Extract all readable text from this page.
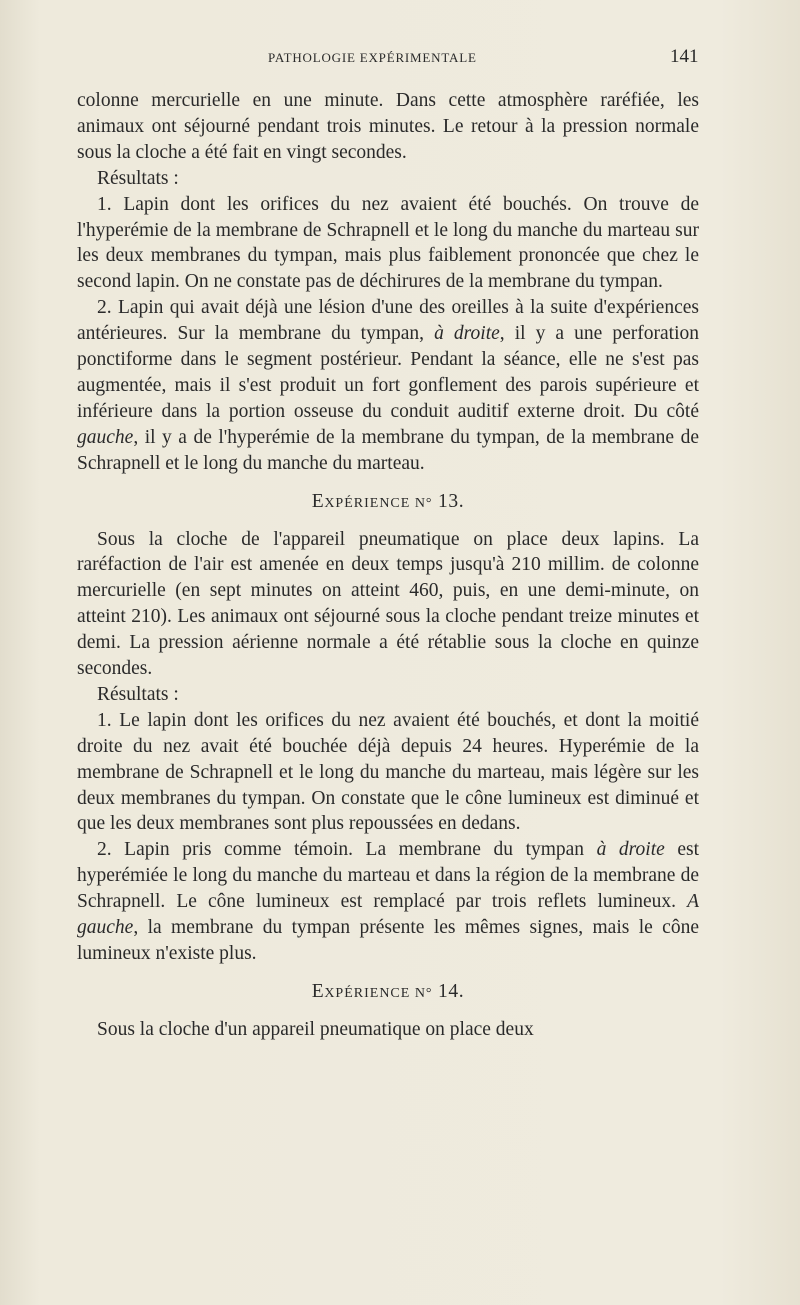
PATHOLOGIE EXPÉRIMENTALE	141

colonne mercurielle en une minute. Dans cette atmosphère raréfiée, les animaux ont séjourné pendant trois minutes. Le retour à la pression normale sous la cloche a été fait en vingt secondes.

Résultats :

1. Lapin dont les orifices du nez avaient été bouchés. On trouve de l'hyperémie de la membrane de Schrapnell et le long du manche du marteau sur les deux membranes du tympan, mais plus faiblement prononcée que chez le second lapin. On ne constate pas de déchirures de la membrane du tympan.

2. Lapin qui avait déjà une lésion d'une des oreilles à la suite d'expériences antérieures. Sur la membrane du tympan, à droite, il y a une perforation ponctiforme dans le segment postérieur. Pendant la séance, elle ne s'est pas augmentée, mais il s'est produit un fort gonflement des parois supérieure et inférieure dans la portion osseuse du conduit auditif externe droit. Du côté gauche, il y a de l'hyperémie de la membrane du tympan, de la membrane de Schrapnell et le long du manche du marteau.

EXPÉRIENCE N° 13.

Sous la cloche de l'appareil pneumatique on place deux lapins. La raréfaction de l'air est amenée en deux temps jusqu'à 210 millim. de colonne mercurielle (en sept minutes on atteint 460, puis, en une demi-minute, on atteint 210). Les animaux ont séjourné sous la cloche pendant treize minutes et demi. La pression aérienne normale a été rétablie sous la cloche en quinze secondes.

Résultats :

1. Le lapin dont les orifices du nez avaient été bouchés, et dont la moitié droite du nez avait été bouchée déjà depuis 24 heures. Hyperémie de la membrane de Schrapnell et le long du manche du marteau, mais légère sur les deux membranes du tympan. On constate que le cône lumineux est diminué et que les deux membranes sont plus repoussées en dedans.

2. Lapin pris comme témoin. La membrane du tympan à droite est hyperémiée le long du manche du marteau et dans la région de la membrane de Schrapnell. Le cône lumineux est remplacé par trois reflets lumineux. A gauche, la membrane du tympan présente les mêmes signes, mais le cône lumineux n'existe plus.

EXPÉRIENCE N° 14.

Sous la cloche d'un appareil pneumatique on place deux
